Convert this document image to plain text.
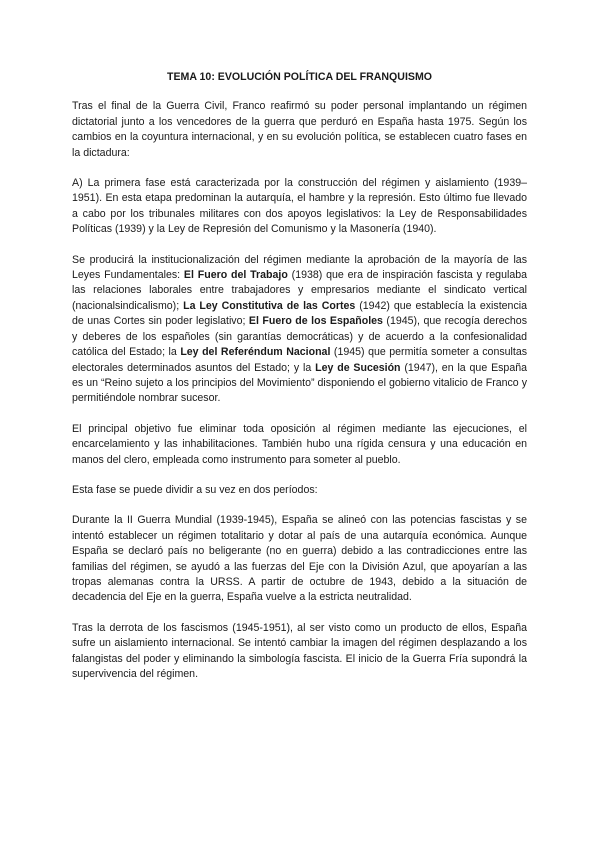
TEMA 10: EVOLUCIÓN POLÍTICA DEL FRANQUISMO

Tras el final de la Guerra Civil, Franco reafirmó su poder personal implantando un régimen dictatorial junto a los vencedores de la guerra que perduró en España hasta 1975. Según los cambios en la coyuntura internacional, y en su evolución política, se establecen cuatro fases en la dictadura:

A) La primera fase está caracterizada por la construcción del régimen y aislamiento (1939–1951). En esta etapa predominan la autarquía, el hambre y la represión. Esto último fue llevado a cabo por los tribunales militares con dos apoyos legislativos: la Ley de Responsabilidades Políticas (1939) y la Ley de Represión del Comunismo y la Masonería (1940).

Se producirá la institucionalización del régimen mediante la aprobación de la mayoría de las Leyes Fundamentales: El Fuero del Trabajo (1938) que era de inspiración fascista y regulaba las relaciones laborales entre trabajadores y empresarios mediante el sindicato vertical (nacionalsindicalismo); La Ley Constitutiva de las Cortes (1942) que establecía la existencia de unas Cortes sin poder legislativo; El Fuero de los Españoles (1945), que recogía derechos y deberes de los españoles (sin garantías democráticas) y de acuerdo a la confesionalidad católica del Estado; la Ley del Referéndum Nacional (1945) que permitía someter a consultas electorales determinados asuntos del Estado; y la Ley de Sucesión (1947), en la que España es un “Reino sujeto a los principios del Movimiento” disponiendo el gobierno vitalicio de Franco y permitiéndole nombrar sucesor.

El principal objetivo fue eliminar toda oposición al régimen mediante las ejecuciones, el encarcelamiento y las inhabilitaciones. También hubo una rígida censura y una educación en manos del clero, empleada como instrumento para someter al pueblo.

Esta fase se puede dividir a su vez en dos períodos:

Durante la II Guerra Mundial (1939-1945), España se alineó con las potencias fascistas y se intentó establecer un régimen totalitario y dotar al país de una autarquía económica. Aunque España se declaró país no beligerante (no en guerra) debido a las contradicciones entre las familias del régimen, se ayudó a las fuerzas del Eje con la División Azul, que apoyarían a las tropas alemanas contra la URSS. A partir de octubre de 1943, debido a la situación de decadencia del Eje en la guerra, España vuelve a la estricta neutralidad.

Tras la derrota de los fascismos (1945-1951), al ser visto como un producto de ellos, España sufre un aislamiento internacional. Se intentó cambiar la imagen del régimen desplazando a los falangistas del poder y eliminando la simbología fascista. El inicio de la Guerra Fría supondrá la supervivencia del régimen.
